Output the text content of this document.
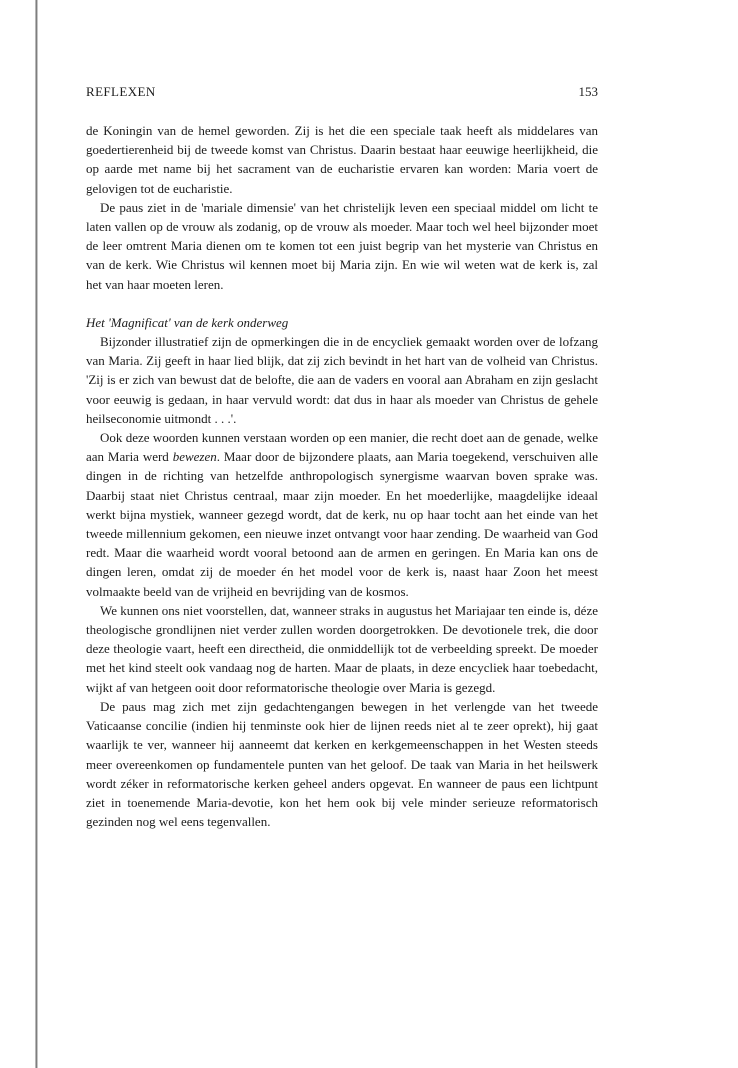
REFLEXEN	153

de Koningin van de hemel geworden. Zij is het die een speciale taak heeft als middelares van goedertierenheid bij de tweede komst van Christus. Daarin bestaat haar eeuwige heerlijkheid, die op aarde met name bij het sacrament van de eucharistie ervaren kan worden: Maria voert de gelovigen tot de eucharistie.

De paus ziet in de 'mariale dimensie' van het christelijk leven een speciaal middel om licht te laten vallen op de vrouw als zodanig, op de vrouw als moeder. Maar toch wel heel bijzonder moet de leer omtrent Maria dienen om te komen tot een juist begrip van het mysterie van Christus en van de kerk. Wie Christus wil kennen moet bij Maria zijn. En wie wil weten wat de kerk is, zal het van haar moeten leren.

Het 'Magnificat' van de kerk onderweg

Bijzonder illustratief zijn de opmerkingen die in de encycliek gemaakt worden over de lofzang van Maria. Zij geeft in haar lied blijk, dat zij zich bevindt in het hart van de volheid van Christus. 'Zij is er zich van bewust dat de belofte, die aan de vaders en vooral aan Abraham en zijn geslacht voor eeuwig is gedaan, in haar vervuld wordt: dat dus in haar als moeder van Christus de gehele heilseconomie uitmondt . . .'.

Ook deze woorden kunnen verstaan worden op een manier, die recht doet aan de genade, welke aan Maria werd bewezen. Maar door de bijzondere plaats, aan Maria toegekend, verschuiven alle dingen in de richting van hetzelfde anthropologisch synergisme waarvan boven sprake was. Daarbij staat niet Christus centraal, maar zijn moeder. En het moederlijke, maagdelijke ideaal werkt bijna mystiek, wanneer gezegd wordt, dat de kerk, nu op haar tocht aan het einde van het tweede millennium gekomen, een nieuwe inzet ontvangt voor haar zending. De waarheid van God redt. Maar die waarheid wordt vooral betoond aan de armen en geringen. En Maria kan ons de dingen leren, omdat zij de moeder én het model voor de kerk is, naast haar Zoon het meest volmaakte beeld van de vrijheid en bevrijding van de kosmos.

We kunnen ons niet voorstellen, dat, wanneer straks in augustus het Mariajaar ten einde is, déze theologische grondlijnen niet verder zullen worden doorgetrokken. De devotionele trek, die door deze theologie vaart, heeft een directheid, die onmiddellijk tot de verbeelding spreekt. De moeder met het kind steelt ook vandaag nog de harten. Maar de plaats, in deze encycliek haar toebedacht, wijkt af van hetgeen ooit door reformatorische theologie over Maria is gezegd.

De paus mag zich met zijn gedachtengangen bewegen in het verlengde van het tweede Vaticaanse concilie (indien hij tenminste ook hier de lijnen reeds niet al te zeer oprekt), hij gaat waarlijk te ver, wanneer hij aanneemt dat kerken en kerkgemeenschappen in het Westen steeds meer overeenkomen op fundamentele punten van het geloof. De taak van Maria in het heilswerk wordt zéker in reformatorische kerken geheel anders opgevat. En wanneer de paus een lichtpunt ziet in toenemende Maria-devotie, kon het hem ook bij vele minder serieuze reformatorisch gezinden nog wel eens tegenvallen.
